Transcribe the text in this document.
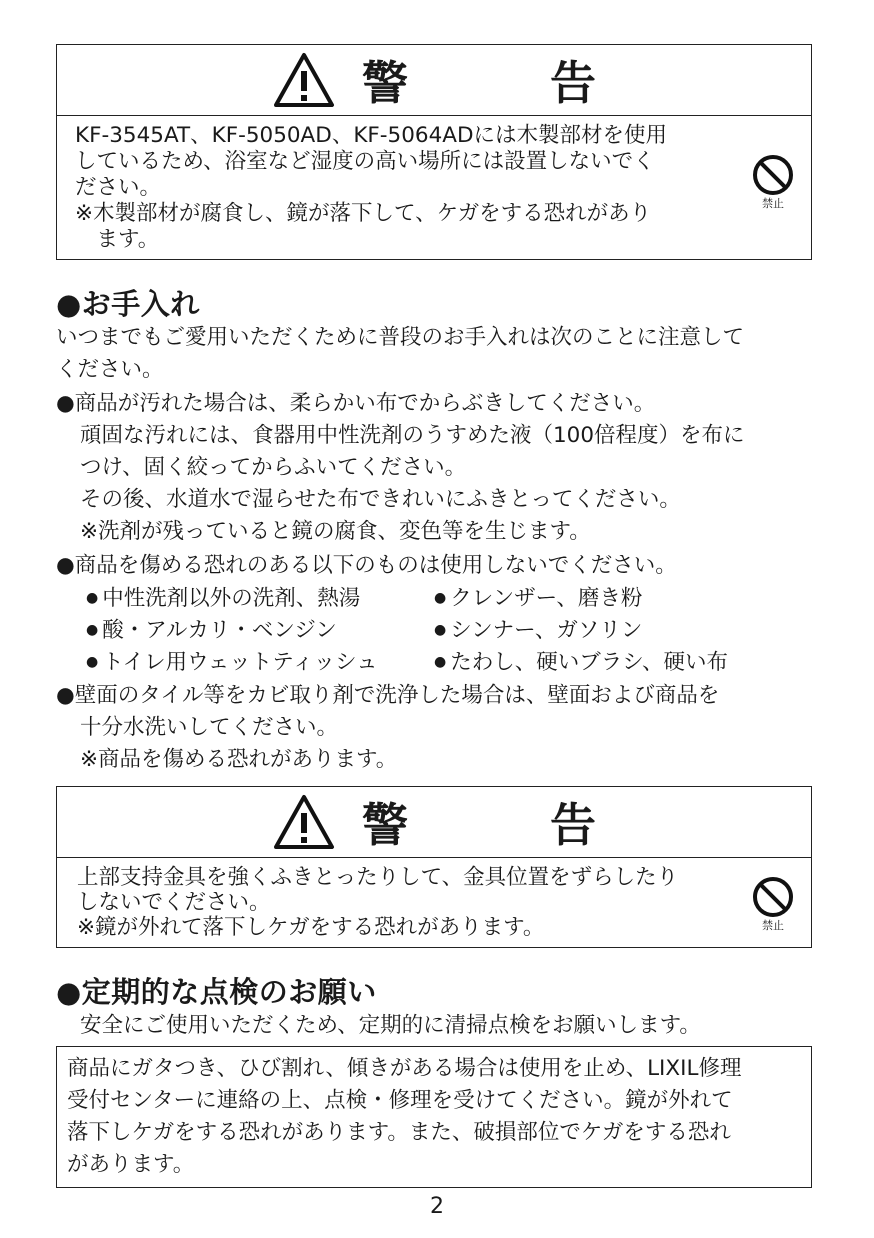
警　告
KF-3545AT、KF-5050AD、KF-5064ADには木製部材を使用
しているため、浴室など湿度の高い場所には設置しないでく
ださい。
※木製部材が腐食し、鏡が落下して、ケガをする恐れがあり
　ます。
禁止
●お手入れ
いつまでもご愛用いただくために普段のお手入れは次のことに注意して
ください。
●商品が汚れた場合は、柔らかい布でからぶきしてください。
頑固な汚れには、食器用中性洗剤のうすめた液（100倍程度）を布に
つけ、固く絞ってからふいてください。
その後、水道水で湿らせた布できれいにふきとってください。
※洗剤が残っていると鏡の腐食、変色等を生じます。
●商品を傷める恐れのある以下のものは使用しないでください。
● 中性洗剤以外の洗剤、熱湯
● 酸・アルカリ・ベンジン
● トイレ用ウェットティッシュ
● クレンザー、磨き粉
● シンナー、ガソリン
● たわし、硬いブラシ、硬い布
●壁面のタイル等をカビ取り剤で洗浄した場合は、壁面および商品を
十分水洗いしてください。
※商品を傷める恐れがあります。
警　告
上部支持金具を強くふきとったりして、金具位置をずらしたり
しないでください。
※鏡が外れて落下しケガをする恐れがあります。	禁止
●定期的な点検のお願い
安全にご使用いただくため、定期的に清掃点検をお願いします。
商品にガタつき、ひび割れ、傾きがある場合は使用を止め、LIXIL修理
受付センターに連絡の上、点検・修理を受けてください。鏡が外れて
落下しケガをする恐れがあります。また、破損部位でケガをする恐れ
があります。
2
